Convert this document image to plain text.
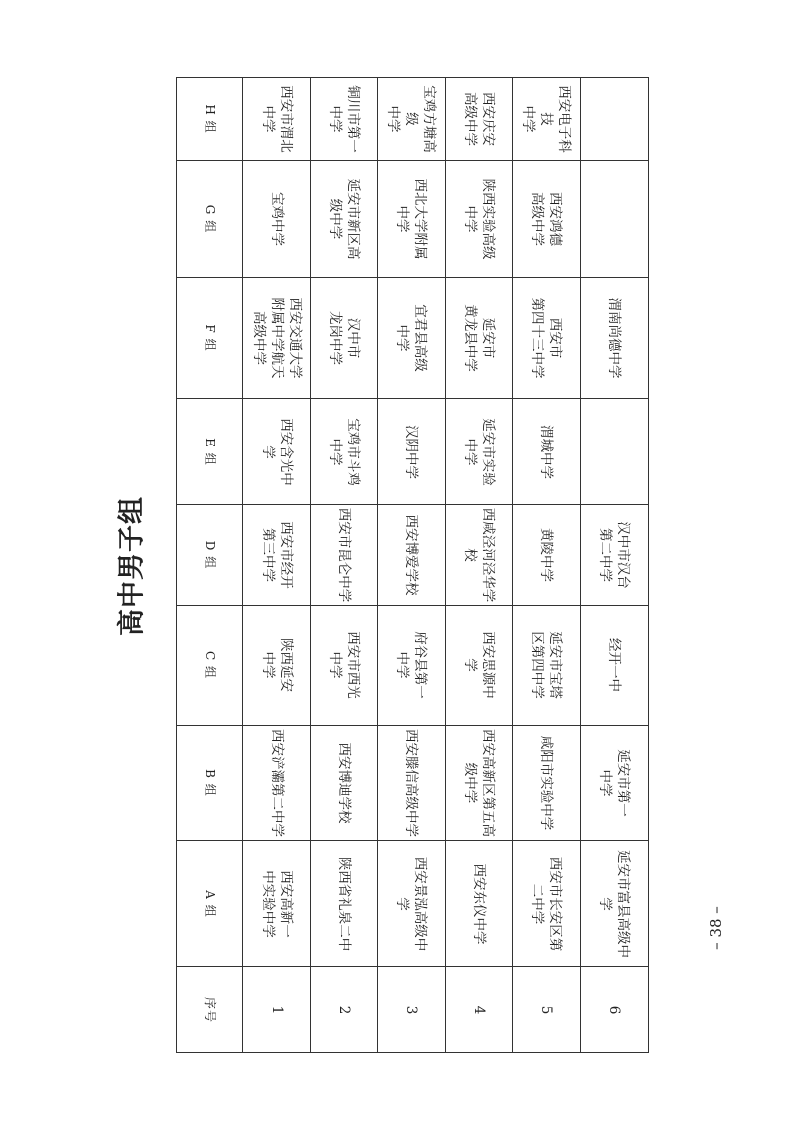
高中男子组
序号
A 组
B 组
C 组
D 组
E 组
F 组
G 组
H 组
1
西安高新一
中实验中学
西安浐灞第二中学
陕西延安
中学
西安市经开
第三中学
西安含光中
学
西安交通大学
附属中学航天
高级中学
宝鸡中学
西安市渭北中学
2
陕西省礼泉二中
西安博迪学校
西安市西光
中学
西安市昆仑中学
宝鸡市斗鸡
中学
汉中市
龙岗中学
延安市新区高
级中学
铜川市第一中学
3
西安景泓高级中
学
西安滕信高级中学
府谷县第一
中学
西安博爱学校
汉阴中学
宜君县高级
中学
西北大学附属
中学
宝鸡方塘高级
中学
4
西安东仪中学
西安高新区第五高
级中学
西安思源中
学
西咸泾河泾华学
校
延安市实验
中学
延安市
黄龙县中学
陕西实验高级
中学
西安庆安
高级中学
5
西安市长安区第
二中学
咸阳市实验中学
延安市宝塔
区第四中学
黄陵中学
渭城中学
西安市
第四十三中学
西安鸿德
高级中学
西安电子科技
中学
6
延安市富县高级中
学
延安市第一
中学
经开一中
汉中市汉台
第二中学
渭南尚德中学
– 38 –
